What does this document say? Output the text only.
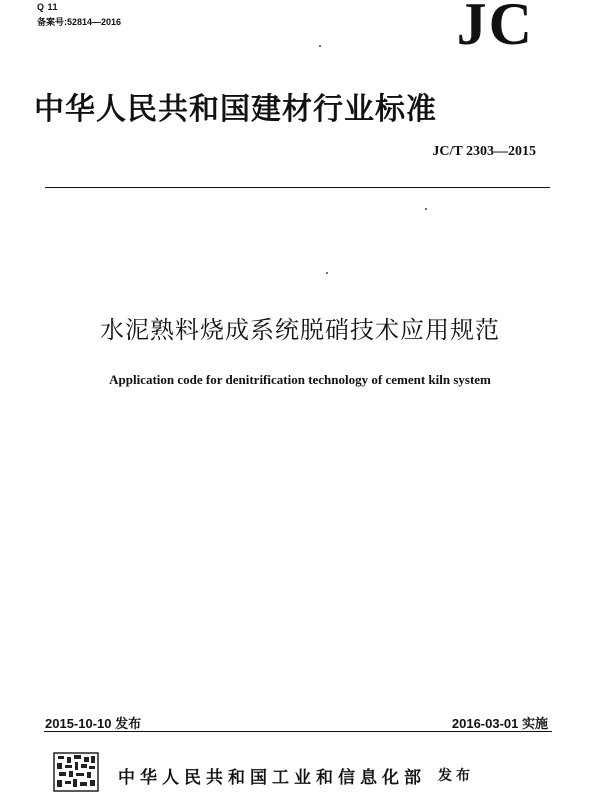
Q 11
备案号:52814—2016	JC
中华人民共和国建材行业标准
JC/T 2303—2015
水泥熟料烧成系统脱硝技术应用规范
Application code for denitrification technology of cement kiln system
2015-10-10 发布	2016-03-01 实施
中华人民共和国工业和信息化部 发布
